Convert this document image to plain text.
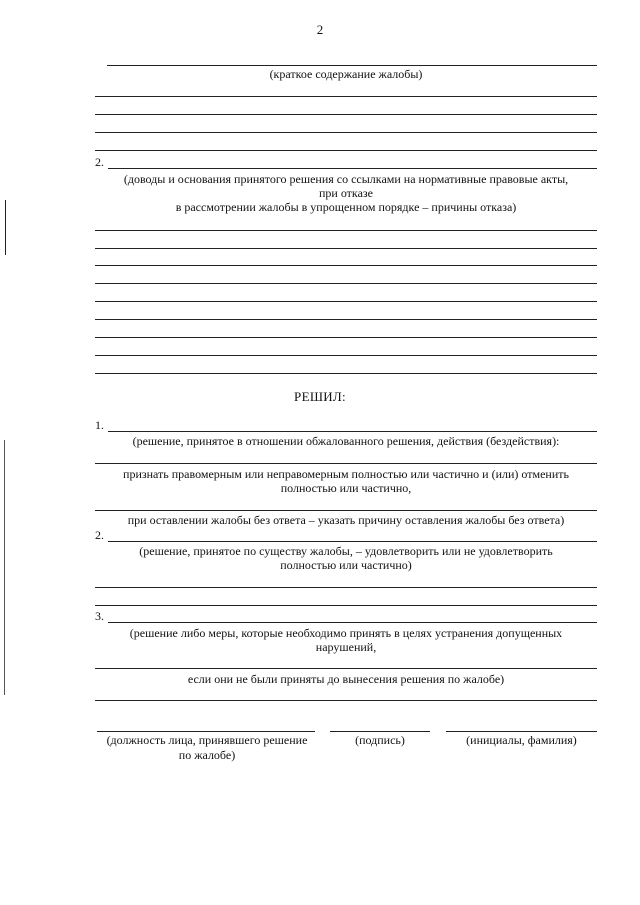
2
(краткое содержание жалобы)
2.
(доводы и основания принятого решения со ссылками на нормативные правовые акты,
при отказе
в рассмотрении жалобы в упрощенном порядке – причины отказа)
РЕШИЛ:
1.
(решение, принятое в отношении обжалованного решения, действия (бездействия):
признать правомерным или неправомерным полностью или частично и (или) отменить
полностью или частично,
при оставлении жалобы без ответа – указать причину оставления жалобы без ответа)
2.
(решение, принятое по существу жалобы, – удовлетворить или не удовлетворить
полностью или частично)
3.
(решение либо меры, которые необходимо принять в целях устранения допущенных
нарушений,
если они не были приняты до вынесения решения по жалобе)
(должность лица, принявшего решение
по жалобе)
(подпись)	(инициалы, фамилия)
